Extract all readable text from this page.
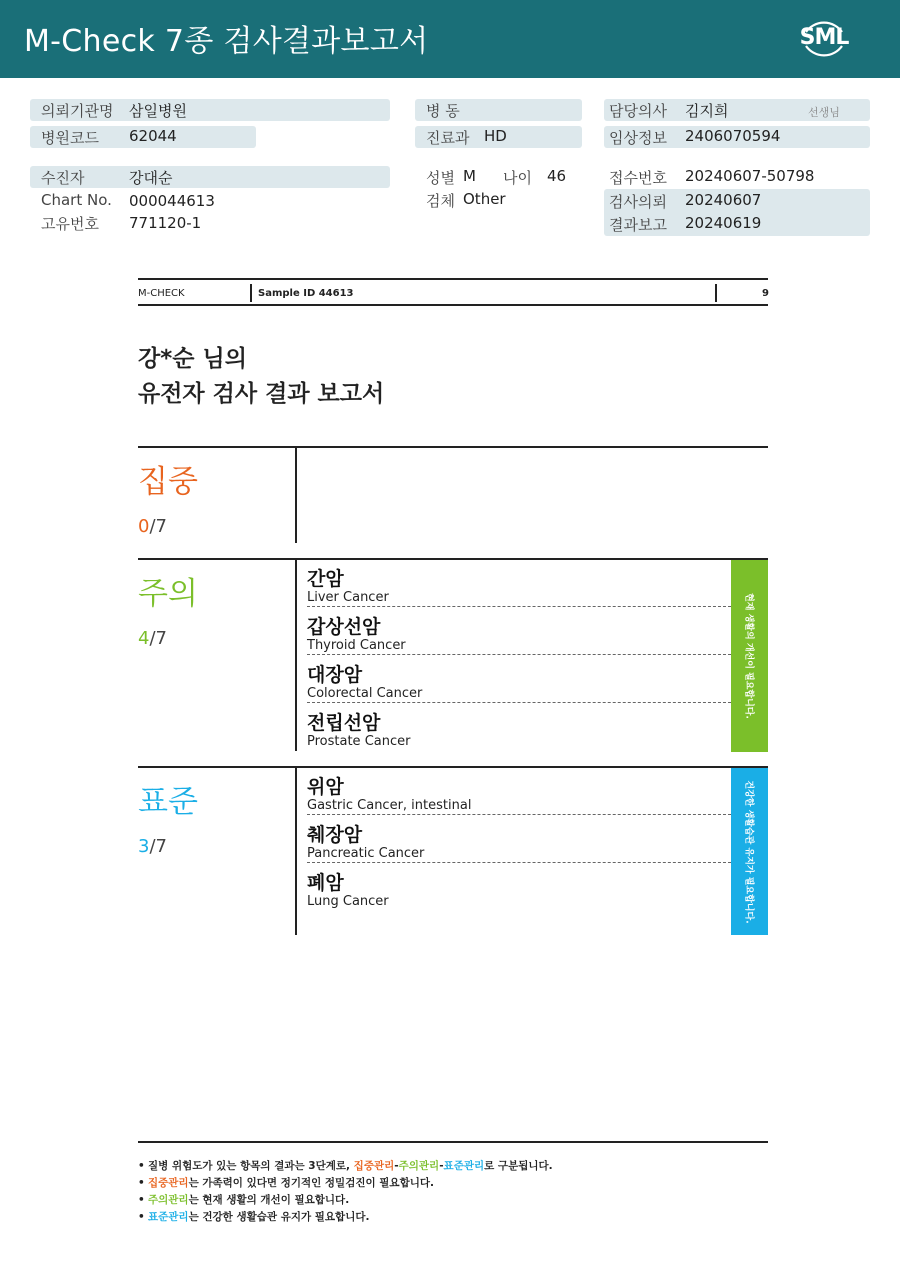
M-Check 7종 검사결과보고서	SML
의뢰기관명 삼일병원
병원코드 62044
수진자	강대순
Chart No. 000044613
고유번호 771120-1
병 동
진료과 HD
성별 M 나이 46
검체 Other
담당의사 김지희	선생님
임상정보 2406070594
접수번호 20240607-50798
검사의뢰 20240607
결과보고 20240619
M-CHECK	Sample ID 44613	9
강*순 님의
유전자 검사 결과 보고서
집중
0/7
주의
4/7
간암
Liver Cancer
갑상선암
Thyroid Cancer
대장암
Colorectal Cancer
전립선암
Prostate Cancer
현재 생활의 개선이 필요합니다.
표준
3/7
위암
Gastric Cancer, intestinal
췌장암
Pancreatic Cancer
폐암
Lung Cancer	건강한 생활습관 유지가 필요합니다.
• 질병 위험도가 있는 항목의 결과는 3단계로, 집중관리-주의관리-표준관리로 구분됩니다.
• 집중관리는 가족력이 있다면 정기적인 정밀검진이 필요합니다.
• 주의관리는 현재 생활의 개선이 필요합니다.
• 표준관리는 건강한 생활습관 유지가 필요합니다.
